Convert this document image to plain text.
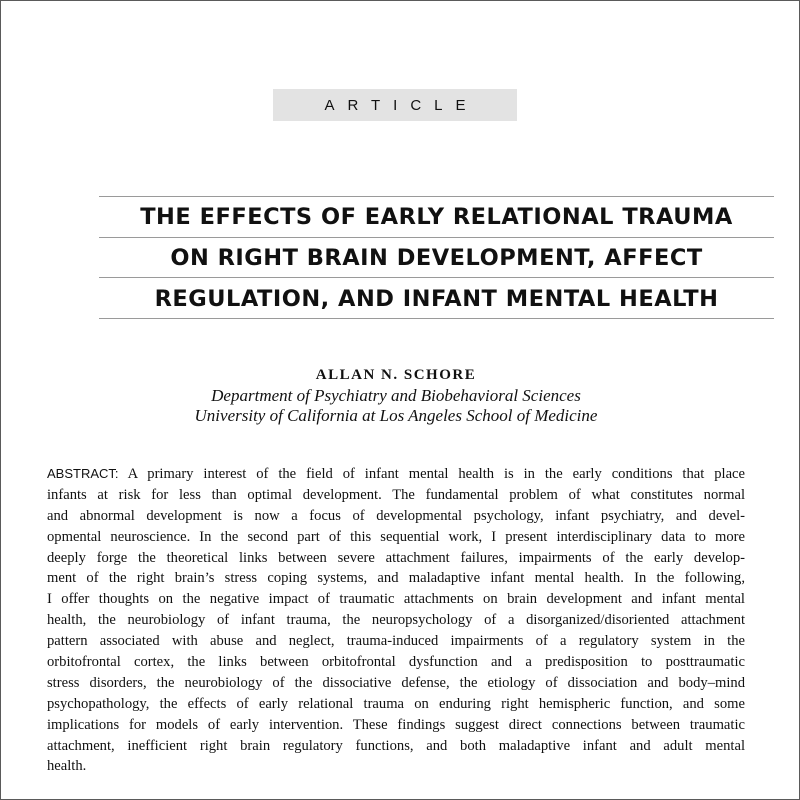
ARTICLE
THE EFFECTS OF EARLY RELATIONAL TRAUMA
ON RIGHT BRAIN DEVELOPMENT, AFFECT
REGULATION, AND INFANT MENTAL HEALTH
ALLAN N. SCHORE
Department of Psychiatry and Biobehavioral Sciences
University of California at Los Angeles School of Medicine

ABSTRACT: A primary interest of the field of infant mental health is in the early conditions that place

infants at risk for less than optimal development. The fundamental problem of what constitutes normal

and abnormal development is now a focus of developmental psychology, infant psychiatry, and devel-

opmental neuroscience. In the second part of this sequential work, I present interdisciplinary data to more

deeply forge the theoretical links between severe attachment failures, impairments of the early develop-

ment of the right brain’s stress coping systems, and maladaptive infant mental health. In the following,

I offer thoughts on the negative impact of traumatic attachments on brain development and infant mental

health, the neurobiology of infant trauma, the neuropsychology of a disorganized/disoriented attachment

pattern associated with abuse and neglect, trauma-induced impairments of a regulatory system in the

orbitofrontal cortex, the links between orbitofrontal dysfunction and a predisposition to posttraumatic

stress disorders, the neurobiology of the dissociative defense, the etiology of dissociation and body–mind

psychopathology, the effects of early relational trauma on enduring right hemispheric function, and some

implications for models of early intervention. These findings suggest direct connections between traumatic

attachment, inefficient right brain regulatory functions, and both maladaptive infant and adult mental

health.
